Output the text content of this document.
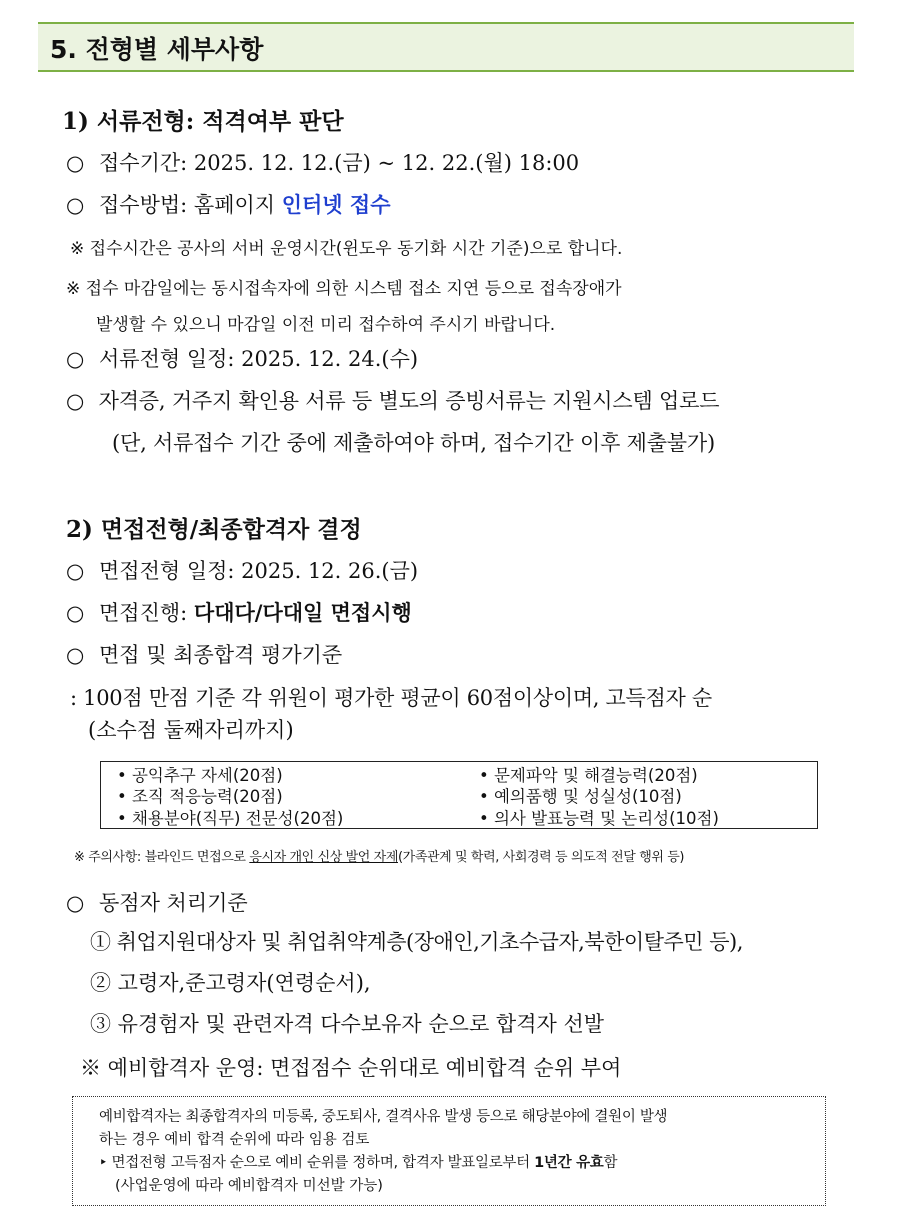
5. 전형별 세부사항
1) 서류전형: 적격여부 판단
○ 접수기간: 2025. 12. 12.(금) ~ 12. 22.(월) 18:00
○ 접수방법: 홈페이지 인터넷 접수
※ 접수시간은 공사의 서버 운영시간(윈도우 동기화 시간 기준)으로 합니다.
※ 접수 마감일에는 동시접속자에 의한 시스템 접소 지연 등으로 접속장애가
발생할 수 있으니 마감일 이전 미리 접수하여 주시기 바랍니다.
○ 서류전형 일정: 2025. 12. 24.(수)
○ 자격증, 거주지 확인용 서류 등 별도의 증빙서류는 지원시스템 업로드
(단, 서류접수 기간 중에 제출하여야 하며, 접수기간 이후 제출불가)
2) 면접전형/최종합격자 결정
○ 면접전형 일정: 2025. 12. 26.(금)
○ 면접진행: 다대다/다대일 면접시행
○ 면접 및 최종합격 평가기준
: 100점 만점 기준 각 위원이 평가한 평균이 60점이상이며, 고득점자 순
(소수점 둘째자리까지)
• 공익추구 자세(20점)
• 조직 적응능력(20점)
• 채용분야(직무) 전문성(20점)
• 문제파악 및 해결능력(20점)
• 예의품행 및 성실성(10점)
• 의사 발표능력 및 논리성(10점)
※ 주의사항: 블라인드 면접으로 응시자 개인 신상 발언 자제(가족관계 및 학력, 사회경력 등 의도적 전달 행위 등)
○ 동점자 처리기준
① 취업지원대상자 및 취업취약계층(장애인,기초수급자,북한이탈주민 등),
② 고령자,준고령자(연령순서),
③ 유경험자 및 관련자격 다수보유자 순으로 합격자 선발
※ 예비합격자 운영: 면접점수 순위대로 예비합격 순위 부여
예비합격자는 최종합격자의 미등록, 중도퇴사, 결격사유 발생 등으로 해당분야에 결원이 발생
하는 경우 예비 합격 순위에 따라 임용 검토
‣ 면접전형 고득점자 순으로 예비 순위를 정하며, 합격자 발표일로부터 1년간 유효함
(사업운영에 따라 예비합격자 미선발 가능)
